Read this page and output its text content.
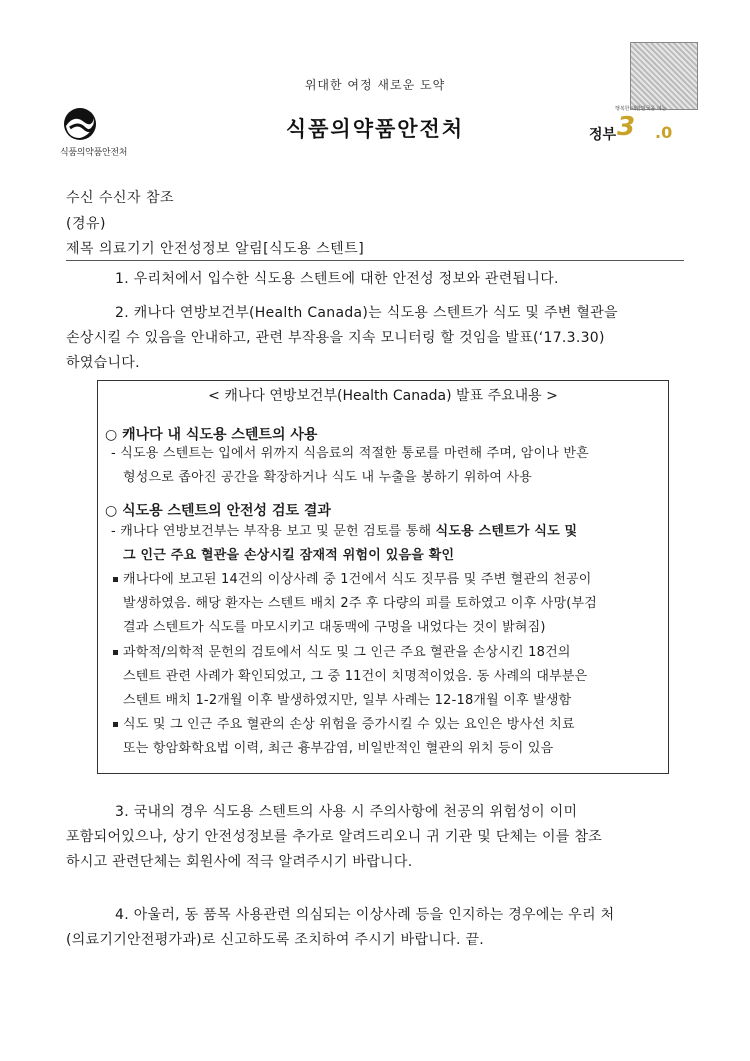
위대한 여정 새로운 도약
식품의약품안전처
식품의약품안전처
행복한 대한민국을 여는
정부 3 .0
수신 수신자 참조
(경유)
제목 의료기기 안전성정보 알림[식도용 스텐트]
1. 우리처에서 입수한 식도용 스텐트에 대한 안전성 정보와 관련됩니다.
2. 캐나다 연방보건부(Health Canada)는 식도용 스텐트가 식도 및 주변 혈관을
손상시킬 수 있음을 안내하고, 관련 부작용을 지속 모니터링 할 것임을 발표(‘17.3.30)
하였습니다.
< 캐나다 연방보건부(Health Canada) 발표 주요내용 >
○ 캐나다 내 식도용 스텐트의 사용
- 식도용 스텐트는 입에서 위까지 식음료의 적절한 통로를 마련해 주며, 암이나 반흔
형성으로 좁아진 공간을 확장하거나 식도 내 누출을 봉하기 위하여 사용
○ 식도용 스텐트의 안전성 검토 결과
- 캐나다 연방보건부는 부작용 보고 및 문헌 검토를 통해 식도용 스텐트가 식도 및
그 인근 주요 혈관을 손상시킬 잠재적 위험이 있음을 확인
캐나다에 보고된 14건의 이상사례 중 1건에서 식도 짓무름 및 주변 혈관의 천공이
발생하였음. 해당 환자는 스텐트 배치 2주 후 다량의 피를 토하였고 이후 사망(부검
결과 스텐트가 식도를 마모시키고 대동맥에 구멍을 내었다는 것이 밝혀짐)
과학적/의학적 문헌의 검토에서 식도 및 그 인근 주요 혈관을 손상시킨 18건의
스텐트 관련 사례가 확인되었고, 그 중 11건이 치명적이었음. 동 사례의 대부분은
스텐트 배치 1-2개월 이후 발생하였지만, 일부 사례는 12-18개월 이후 발생함
식도 및 그 인근 주요 혈관의 손상 위험을 증가시킬 수 있는 요인은 방사선 치료
또는 항암화학요법 이력, 최근 흉부감염, 비일반적인 혈관의 위치 등이 있음
3. 국내의 경우 식도용 스텐트의 사용 시 주의사항에 천공의 위험성이 이미
포함되어있으나, 상기 안전성정보를 추가로 알려드리오니 귀 기관 및 단체는 이를 참조
하시고 관련단체는 회원사에 적극 알려주시기 바랍니다.
4. 아울러, 동 품목 사용관련 의심되는 이상사례 등을 인지하는 경우에는 우리 처
(의료기기안전평가과)로 신고하도록 조치하여 주시기 바랍니다. 끝.
